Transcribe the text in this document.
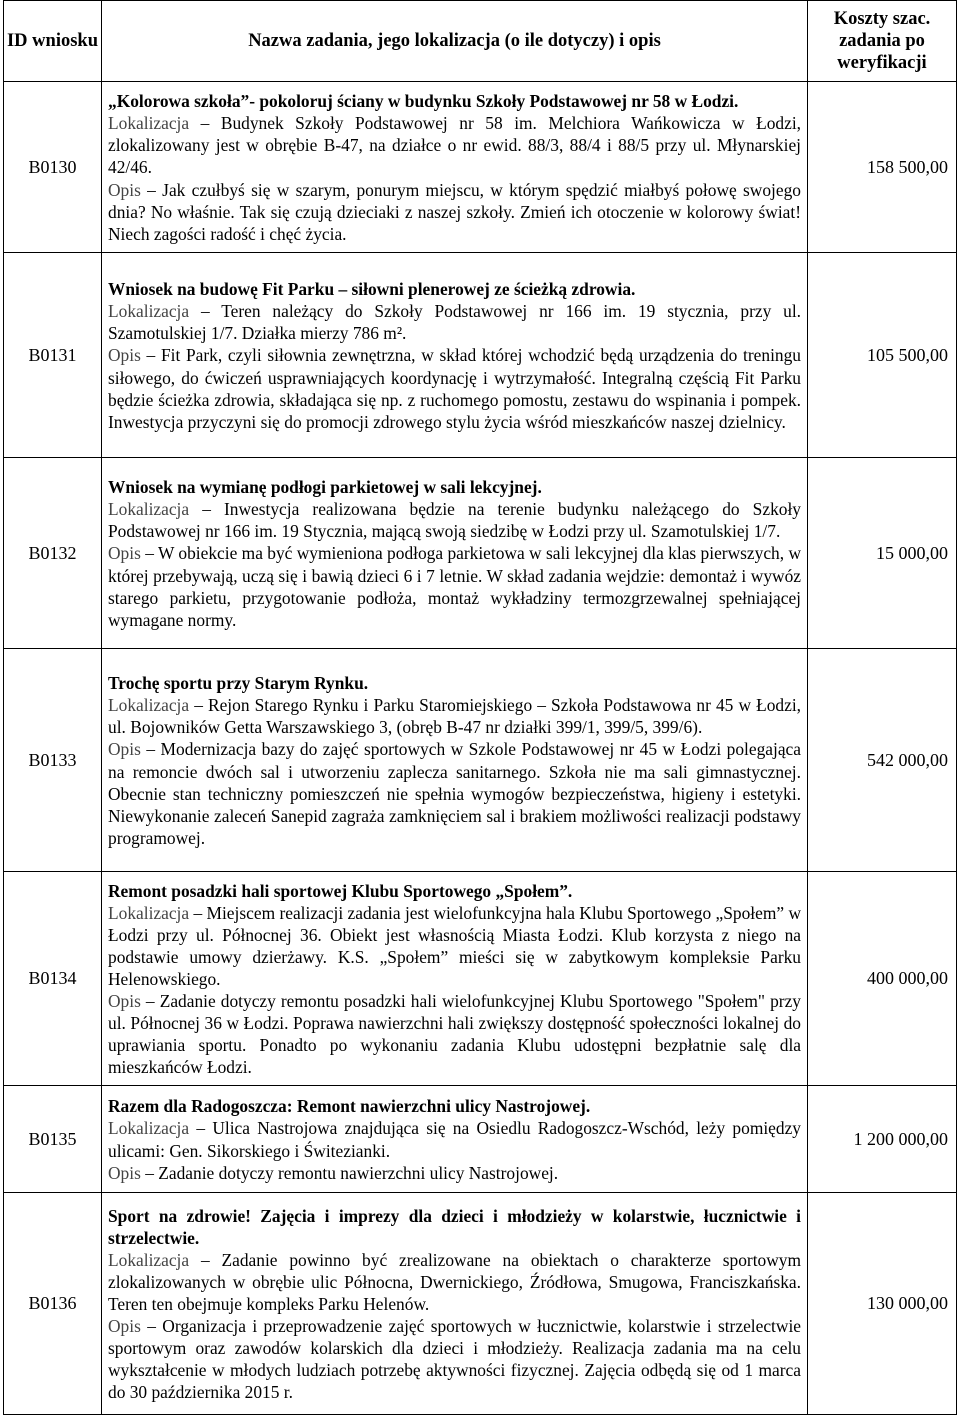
ID wniosku	Nazwa zadania, jego lokalizacja (o ile dotyczy) i opis	Koszty szac. zadania po weryfikacji
B0130	„Kolorowa szkoła”- pokoloruj ściany w budynku Szkoły Podstawowej nr 58 w Łodzi.

Lokalizacja – Budynek Szkoły Podstawowej nr 58 im. Melchiora Wańkowicza w Łodzi, zlokalizowany jest w obrębie B-47, na działce o nr ewid. 88/3, 88/4 i 88/5 przy ul. Młynarskiej 42/46.

Opis – Jak czułbyś się w szarym, ponurym miejscu, w którym spędzić miałbyś połowę swojego dnia? No właśnie. Tak się czują dzieciaki z naszej szkoły. Zmień ich otoczenie w kolorowy świat! Niech zagości radość i chęć życia.	158 500,00
B0131	Wniosek na budowę Fit Parku – siłowni plenerowej ze ścieżką zdrowia.

Lokalizacja – Teren należący do Szkoły Podstawowej nr 166 im. 19 stycznia, przy ul. Szamotulskiej 1/7. Działka mierzy 786 m².

Opis – Fit Park, czyli siłownia zewnętrzna, w skład której wchodzić będą urządzenia do treningu siłowego, do ćwiczeń usprawniających koordynację i wytrzymałość. Integralną częścią Fit Parku będzie ścieżka zdrowia, składająca się np. z ruchomego pomostu, zestawu do wspinania i pompek. Inwestycja przyczyni się do promocji zdrowego stylu życia wśród mieszkańców naszej dzielnicy.	105 500,00
B0132	Wniosek na wymianę podłogi parkietowej w sali lekcyjnej.

Lokalizacja – Inwestycja realizowana będzie na terenie budynku należącego do Szkoły Podstawowej nr 166 im. 19 Stycznia, mającą swoją siedzibę w Łodzi przy ul. Szamotulskiej 1/7.

Opis – W obiekcie ma być wymieniona podłoga parkietowa w sali lekcyjnej dla klas pierwszych, w której przebywają, uczą się i bawią dzieci 6 i 7 letnie. W skład zadania wejdzie: demontaż i wywóz starego parkietu, przygotowanie podłoża, montaż wykładziny termozgrzewalnej spełniającej wymagane normy.	15 000,00
B0133	Trochę sportu przy Starym Rynku.

Lokalizacja – Rejon Starego Rynku i Parku Staromiejskiego – Szkoła Podstawowa nr 45 w Łodzi, ul. Bojowników Getta Warszawskiego 3, (obręb B-47 nr działki 399/1, 399/5, 399/6).

Opis – Modernizacja bazy do zajęć sportowych w Szkole Podstawowej nr 45 w Łodzi polegająca na remoncie dwóch sal i utworzeniu zaplecza sanitarnego. Szkoła nie ma sali gimnastycznej. Obecnie stan techniczny pomieszczeń nie spełnia wymogów bezpieczeństwa, higieny i estetyki. Niewykonanie zaleceń Sanepid zagraża zamknięciem sal i brakiem możliwości realizacji podstawy programowej.	542 000,00
B0134	Remont posadzki hali sportowej Klubu Sportowego „Społem”.

Lokalizacja – Miejscem realizacji zadania jest wielofunkcyjna hala Klubu Sportowego „Społem” w Łodzi przy ul. Północnej 36. Obiekt jest własnością Miasta Łodzi. Klub korzysta z niego na podstawie umowy dzierżawy. K.S. „Społem” mieści się w zabytkowym kompleksie Parku Helenowskiego.

Opis – Zadanie dotyczy remontu posadzki hali wielofunkcyjnej Klubu Sportowego "Społem" przy ul. Północnej 36 w Łodzi. Poprawa nawierzchni hali zwiększy dostępność społeczności lokalnej do uprawiania sportu. Ponadto po wykonaniu zadania Klubu udostępni bezpłatnie salę dla mieszkańców Łodzi.	400 000,00
B0135	Razem dla Radogoszcza: Remont nawierzchni ulicy Nastrojowej.

Lokalizacja – Ulica Nastrojowa znajdująca się na Osiedlu Radogoszcz-Wschód, leży pomiędzy ulicami: Gen. Sikorskiego i Świtezianki.

Opis – Zadanie dotyczy remontu nawierzchni ulicy Nastrojowej.	1 200 000,00
B0136	Sport na zdrowie! Zajęcia i imprezy dla dzieci i młodzieży w kolarstwie, łucznictwie i strzelectwie.

Lokalizacja – Zadanie powinno być zrealizowane na obiektach o charakterze sportowym zlokalizowanych w obrębie ulic Północna, Dwernickiego, Źródłowa, Smugowa, Franciszkańska. Teren ten obejmuje kompleks Parku Helenów.

Opis – Organizacja i przeprowadzenie zajęć sportowych w łucznictwie, kolarstwie i strzelectwie sportowym oraz zawodów kolarskich dla dzieci i młodzieży. Realizacja zadania ma na celu wykształcenie w młodych ludziach potrzebę aktywności fizycznej. Zajęcia odbędą się od 1 marca do 30 października 2015 r.	130 000,00
